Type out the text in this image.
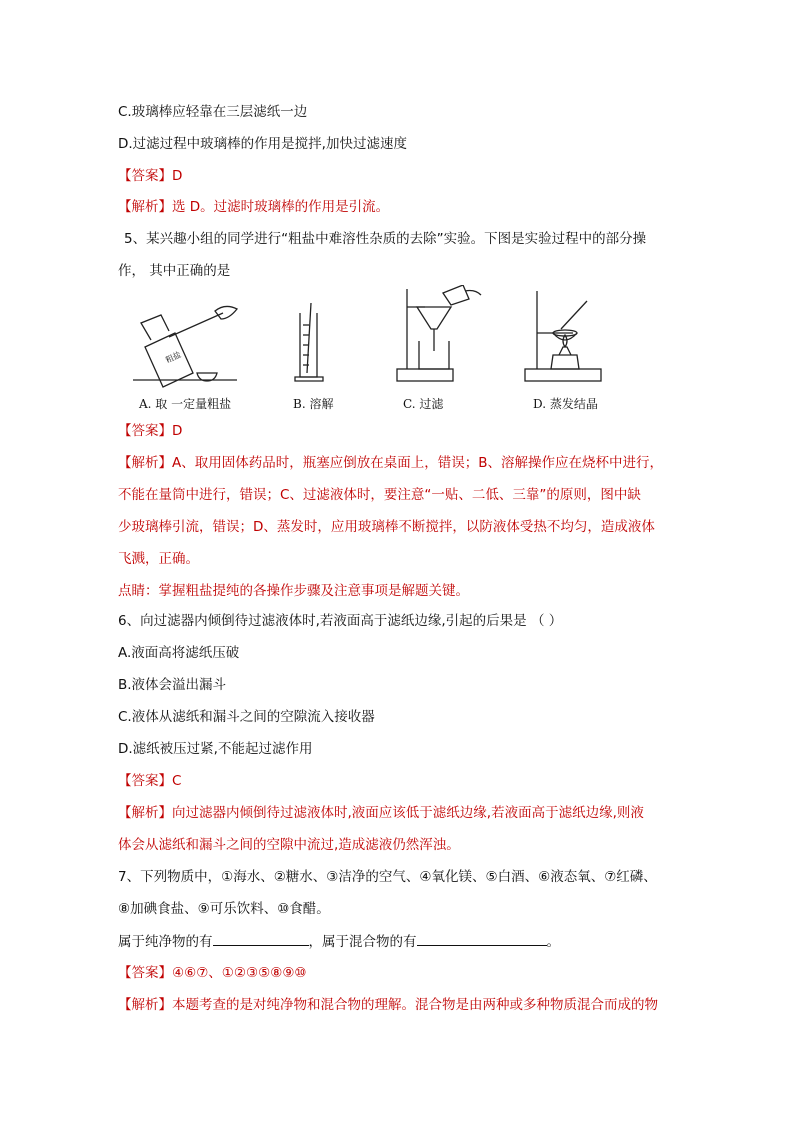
C.玻璃棒应轻靠在三层滤纸一边
D.过滤过程中玻璃棒的作用是搅拌,加快过滤速度
【答案】D
【解析】选 D。过滤时玻璃棒的作用是引流。
5、某兴趣小组的同学进行“粗盐中难溶性杂质的去除”实验。下图是实验过程中的部分操
作， 其中正确的是
粗盐
A. 取 一定量粗盐	B. 溶解	C. 过滤	D. 蒸发结晶
【答案】D
【解析】A、取用固体药品时，瓶塞应倒放在桌面上，错误；B、溶解操作应在烧杯中进行，
不能在量筒中进行，错误；C、过滤液体时，要注意“一贴、二低、三靠”的原则，图中缺
少玻璃棒引流，错误；D、蒸发时，应用玻璃棒不断搅拌，以防液体受热不均匀，造成液体
飞溅，正确。
点睛：掌握粗盐提纯的各操作步骤及注意事项是解题关键。
6、向过滤器内倾倒待过滤液体时,若液面高于滤纸边缘,引起的后果是 （ ）
A.液面高将滤纸压破
B.液体会溢出漏斗
C.液体从滤纸和漏斗之间的空隙流入接收器
D.滤纸被压过紧,不能起过滤作用
【答案】C
【解析】向过滤器内倾倒待过滤液体时,液面应该低于滤纸边缘,若液面高于滤纸边缘,则液
体会从滤纸和漏斗之间的空隙中流过,造成滤液仍然浑浊。
7、下列物质中，①海水、②糖水、③洁净的空气、④氧化镁、⑤白酒、⑥液态氧、⑦红磷、
⑧加碘食盐、⑨可乐饮料、⑩食醋。
属于纯净物的有	，属于混合物的有	。
【答案】④⑥⑦、①②③⑤⑧⑨⑩
【解析】本题考查的是对纯净物和混合物的理解。混合物是由两种或多种物质混合而成的物
